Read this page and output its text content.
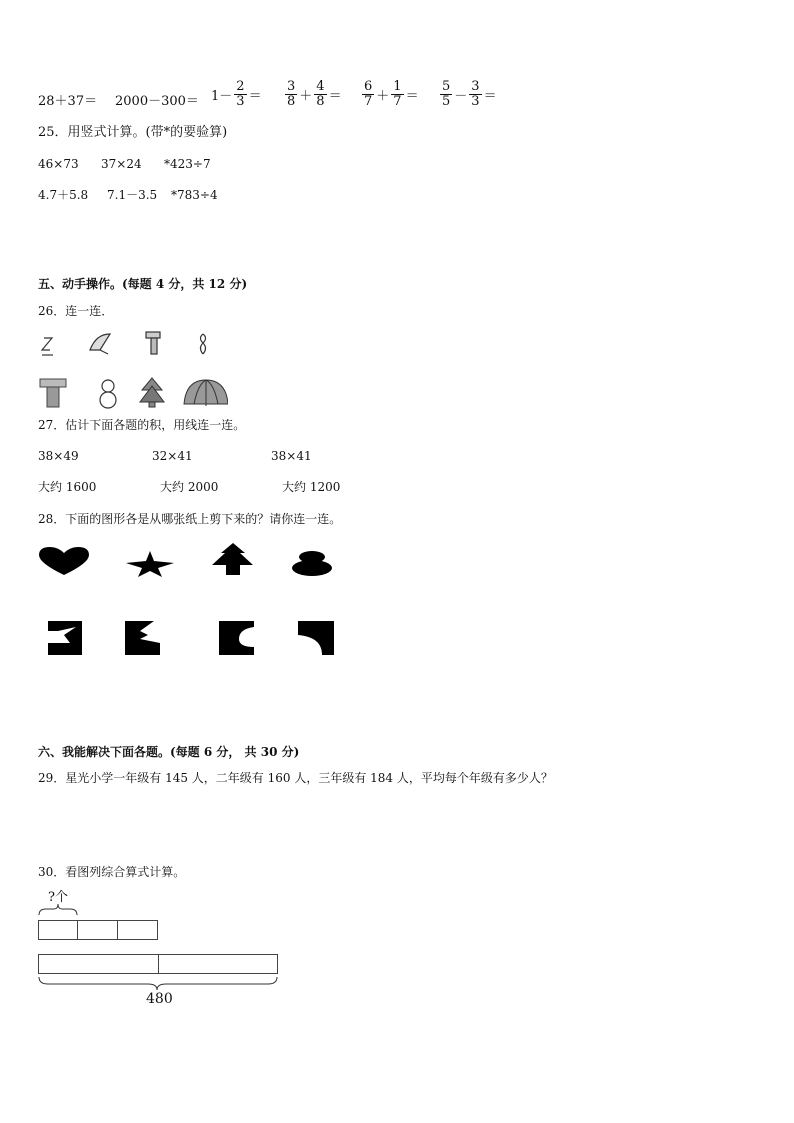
$28+37= 2000-300= 1- \frac{2}{3} = \frac{3}{8} + \frac{4}{8} = \frac{6}{7} + \frac{1}{7} = \frac{5}{5} - \frac{3}{3}$ ＝
25．用竖式计算。(带*的要验算)
46×73 37×24 *423÷7
4.7＋5.8 7.1－3.5 *783÷4
五、动手操作。(每题 4 分，共 12 分)
26．连一连．
27．估计下面各题的积，用线连一连。
38×49	32×41	38×41
大约 1600	大约 2000	大约 1200
28．下面的图形各是从哪张纸上剪下来的？请你连一连。
六、我能解决下面各题。(每题 6 分， 共 30 分)
29．星光小学一年级有 145 人，二年级有 160 人，三年级有 184 人，平均每个年级有多少人？
30．看图列综合算式计算。
?个
480
